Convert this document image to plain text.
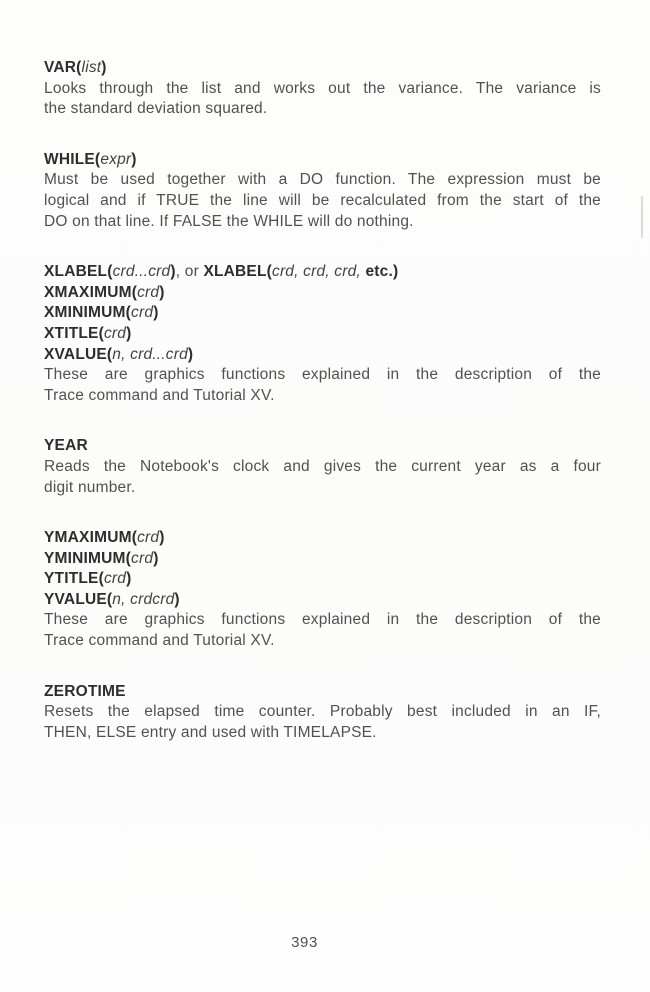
VAR(list)
Looks through the list and works out the variance. The variance is
the standard deviation squared.
WHILE(expr)
Must be used together with a DO function. The expression must be
logical and if TRUE the line will be recalculated from the start of the
DO on that line. If FALSE the WHILE will do nothing.
XLABEL(crd...crd), or XLABEL(crd, crd, crd, etc.)
XMAXIMUM(crd)
XMINIMUM(crd)
XTITLE(crd)
XVALUE(n, crd...crd)
These are graphics functions explained in the description of the
Trace command and Tutorial XV.
YEAR
Reads the Notebook's clock and gives the current year as a four
digit number.
YMAXIMUM(crd)
YMINIMUM(crd)
YTITLE(crd)
YVALUE(n, crdcrd)
These are graphics functions explained in the description of the
Trace command and Tutorial XV.
ZEROTIME
Resets the elapsed time counter. Probably best included in an IF,
THEN, ELSE entry and used with TIMELAPSE.
393
